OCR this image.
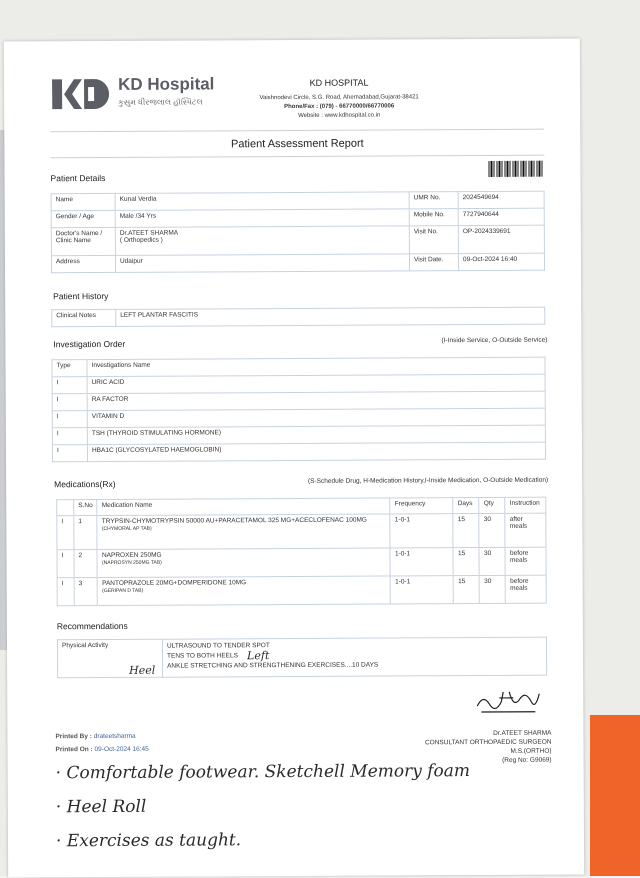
KD Hospital
કુસુમ ધીરજલાલ હૉસ્પિટલ
KD HOSPITAL
Vaishnodevi Circle, S.G. Road, Ahemadabad,Gujarat-38421
Phone/Fax : (079) - 66770000/66770006
Website : www.kdhospital.co.in
Patient Assessment Report
Patient Details
Name	Kunal Verdia	UMR No.	2024549694
Gender / Age	Male /34 Yrs	Mobile No.	7727940644
Doctor's Name / Clinic Name	Dr.ATEET SHARMA
( Orthopedics )	Visit No.	OP-2024339691
Address	Udaipur	Visit Date.	09-Oct-2024 16:40
Patient History
Clinical Notes	LEFT PLANTAR FASCITIS
Investigation Order	(I-Inside Service, O-Outside Service)
Type	Investigations Name
I	URIC ACID
I	RA FACTOR
I	VITAMIN D
I	TSH (THYROID STIMULATING HORMONE)
I	HBA1C (GLYCOSYLATED HAEMOGLOBIN)
Medications(Rx)	(S-Schedule Drug, H-Medication History,I-Inside Medication, O-Outside Medication)
	S.No	Medication Name	Frequency	Days	Qty	Instruction
I	1	TRYPSIN-CHYMOTRYPSIN 50000 AU+PARACETAMOL 325 MG+ACECLOFENAC 100MG
(CHYMORAL AP TAB)	1-0-1	15	30	after meals
I	2	NAPROXEN 250MG
(NAPROSYN 250MG TAB)	1-0-1	15	30	before meals
I	3	PANTOPRAZOLE 20MG+DOMPERIDONE 10MG
(GERIPAN D TAB)	1-0-1	15	30	before meals
Recommendations
Physical Activity	ULTRASOUND TO TENDER SPOT
TENS TO BOTH HEELS
ANKLE STRETCHING AND STRENGTHENING EXERCISES....10 DAYS
Left
Heel
Dr.ATEET SHARMA
CONSULTANT ORTHOPAEDIC SURGEON
M.S.(ORTHO)
(Reg No: G9069)
Printed By : drateetsharma
Printed On : 09-Oct-2024 16:45
· Comfortable footwear. Sketchell Memory foam
· Heel Roll
· Exercises as taught.
